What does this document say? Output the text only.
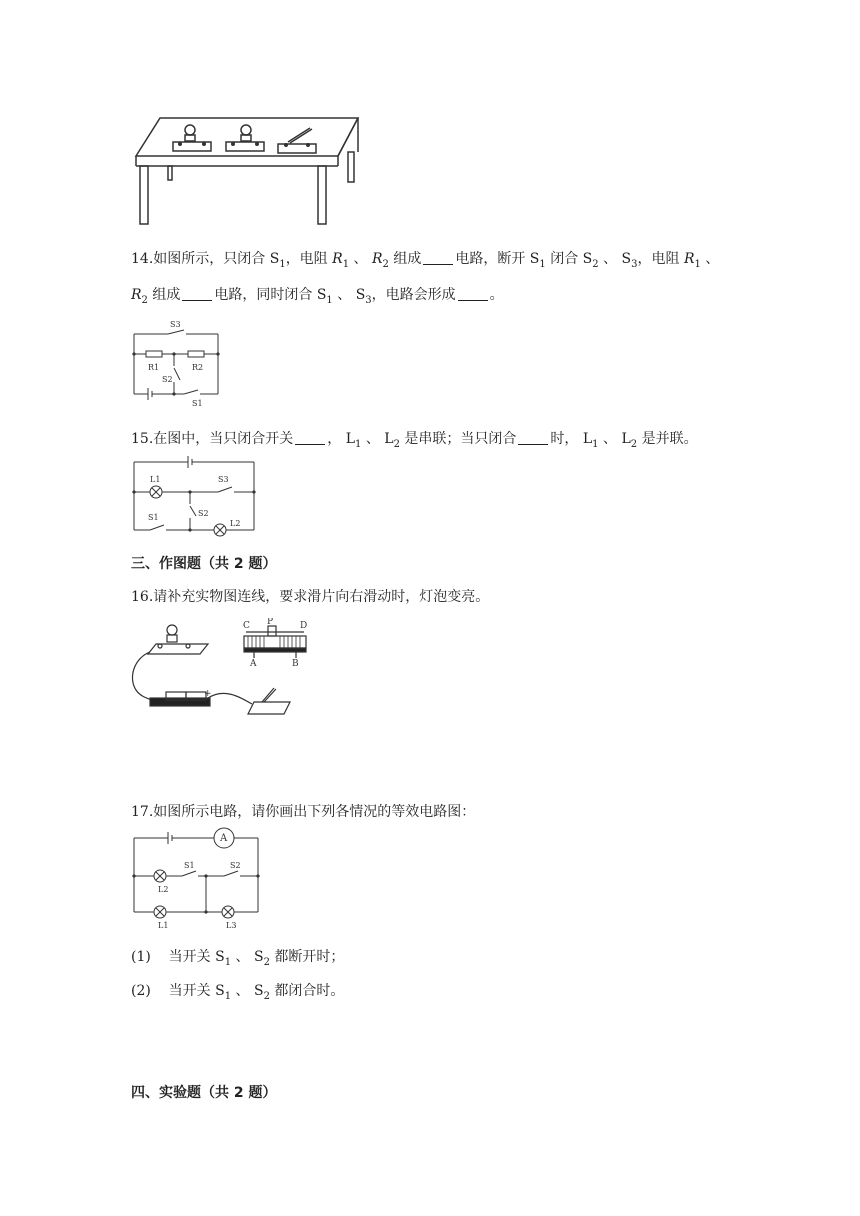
14.如图所示，只闭合 $S_1$，电阻 $R_1$ 、 $R_2$ 组成 电路，断开 $S_1$ 闭合 $S_2$ 、 $S_3$，电阻 $R_1$ 、
$R_2$ 组成 电路，同时闭合 $S_1$ 、 $S_3$，电路会形成 。
S3
R1	R2
S2
S1
15.在图中，当只闭合开关 ， $L_1$ 、 $L_2$ 是串联；当只闭合 时， $L_1$ 、 $L_2$ 是并联。
L1	S3
S1	S2
L2
三、作图题（共 2 题）
16.请补充实物图连线，要求滑片向右滑动时，灯泡变亮。
C P	D
A	B
+
17.如图所示电路，请你画出下列各情况的等效电路图：
A
S1	S2
L2
L1	L3
(1) 当开关 $S_1$ 、 $S_2$ 都断开时；
(2) 当开关 $S_1$ 、 $S_2$ 都闭合时。
四、实验题（共 2 题）
